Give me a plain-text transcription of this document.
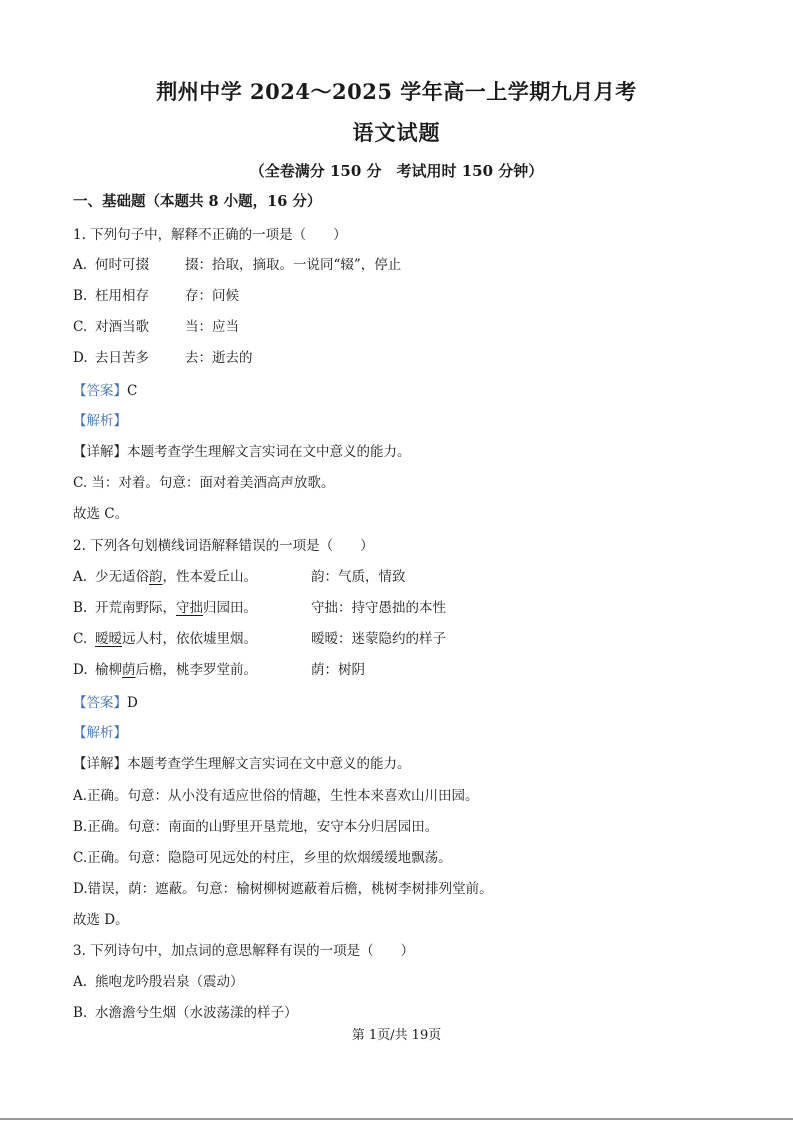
荆州中学 2024～2025 学年高一上学期九月月考
语文试题
（全卷满分 150 分　考试用时 150 分钟）
一、基础题（本题共 8 小题，16 分）
1. 下列句子中，解释不正确的一项是（　　）
A. 何时可掇	掇：拾取，摘取。一说同“辍”，停止
B. 枉用相存	存：问候
C. 对酒当歌	当：应当
D. 去日苦多	去：逝去的
【答案】C
【解析】
【详解】本题考查学生理解文言实词在文中意义的能力。
C. 当：对着。句意：面对着美酒高声放歌。
故选 C。
2. 下列各句划横线词语解释错误的一项是（　　）
A. 少无适俗韵，性本爱丘山。	韵：气质，情致
B. 开荒南野际，守拙归园田。	守拙：持守愚拙的本性
C. 暧暧远人村，依依墟里烟。	暧暧：迷蒙隐约的样子
D. 榆柳荫后檐，桃李罗堂前。	荫：树阴
【答案】D
【解析】
【详解】本题考查学生理解文言实词在文中意义的能力。
A.正确。句意：从小没有适应世俗的情趣，生性本来喜欢山川田园。
B.正确。句意：南面的山野里开垦荒地，安守本分归居园田。
C.正确。句意：隐隐可见远处的村庄，乡里的炊烟缓缓地飘荡。
D.错误，荫：遮蔽。句意：榆树柳树遮蔽着后檐，桃树李树排列堂前。
故选 D。
3. 下列诗句中，加点词的意思解释有误的一项是（　　）
A. 熊咆龙吟殷岩泉（震动）
B. 水澹澹兮生烟（水波荡漾的样子）
第 1页/共 19页
